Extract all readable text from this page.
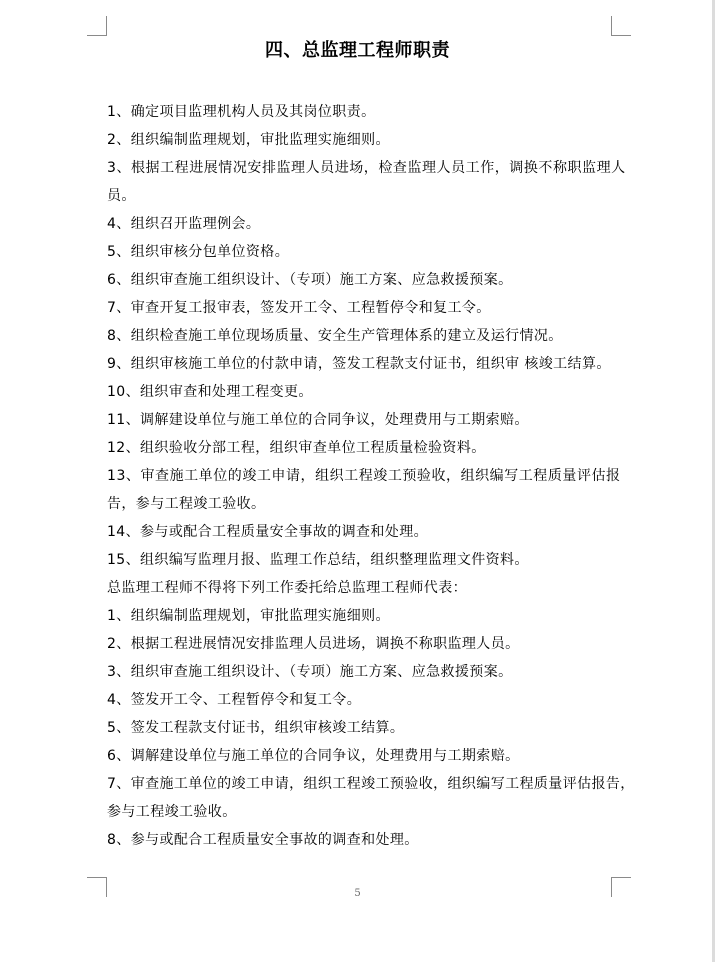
四、总监理工程师职责
1、确定项目监理机构人员及其岗位职责。
2、组织编制监理规划，审批监理实施细则。
3、根据工程进展情况安排监理人员进场，检查监理人员工作，调换不称职监理人
员。
4、组织召开监理例会。
5、组织审核分包单位资格。
6、组织审查施工组织设计、（专项）施工方案、应急救援预案。
7、审查开复工报审表，签发开工令、工程暂停令和复工令。
8、组织检查施工单位现场质量、安全生产管理体系的建立及运行情况。
9、组织审核施工单位的付款申请，签发工程款支付证书，组织审 核竣工结算。
10、组织审查和处理工程变更。
11、调解建设单位与施工单位的合同争议，处理费用与工期索赔。
12、组织验收分部工程，组织审查单位工程质量检验资料。
13、审查施工单位的竣工申请，组织工程竣工预验收，组织编写工程质量评估报
告，参与工程竣工验收。
14、参与或配合工程质量安全事故的调查和处理。
15、组织编写监理月报、监理工作总结，组织整理监理文件资料。
总监理工程师不得将下列工作委托给总监理工程师代表：
1、组织编制监理规划，审批监理实施细则。
2、根据工程进展情况安排监理人员进场，调换不称职监理人员。
3、组织审查施工组织设计、（专项）施工方案、应急救援预案。
4、签发开工令、工程暂停令和复工令。
5、签发工程款支付证书，组织审核竣工结算。
6、调解建设单位与施工单位的合同争议，处理费用与工期索赔。
7、审查施工单位的竣工申请，组织工程竣工预验收，组织编写工程质量评估报告，
参与工程竣工验收。
8、参与或配合工程质量安全事故的调查和处理。
5
